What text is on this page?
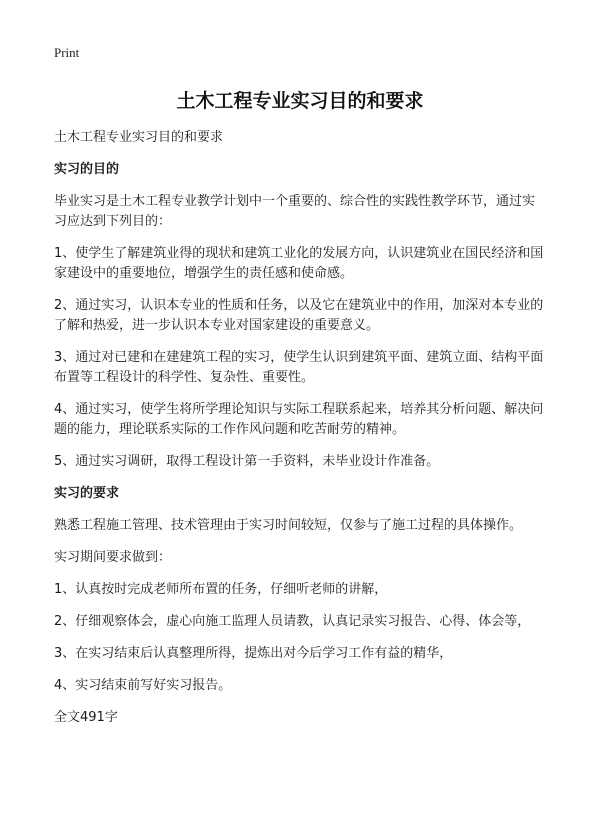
Print

土木工程专业实习目的和要求

土木工程专业实习目的和要求

实习的目的

毕业实习是土木工程专业教学计划中一个重要的、综合性的实践性教学环节，通过实习应达到下列目的：

1、使学生了解建筑业得的现状和建筑工业化的发展方向，认识建筑业在国民经济和国家建设中的重要地位，增强学生的责任感和使命感。

2、通过实习，认识本专业的性质和任务，以及它在建筑业中的作用，加深对本专业的了解和热爱，进一步认识本专业对国家建设的重要意义。

3、通过对已建和在建建筑工程的实习，使学生认识到建筑平面、建筑立面、结构平面布置等工程设计的科学性、复杂性、重要性。

4、通过实习，使学生将所学理论知识与实际工程联系起来，培养其分析问题、解决问题的能力，理论联系实际的工作作风问题和吃苦耐劳的精神。

5、通过实习调研，取得工程设计第一手资料，未毕业设计作准备。

实习的要求

熟悉工程施工管理、技术管理由于实习时间较短，仅参与了施工过程的具体操作。

实习期间要求做到：

1、认真按时完成老师所布置的任务，仔细听老师的讲解，

2、仔细观察体会，虚心向施工监理人员请教，认真记录实习报告、心得、体会等，

3、在实习结束后认真整理所得，提炼出对今后学习工作有益的精华，

4、实习结束前写好实习报告。

全文491字
